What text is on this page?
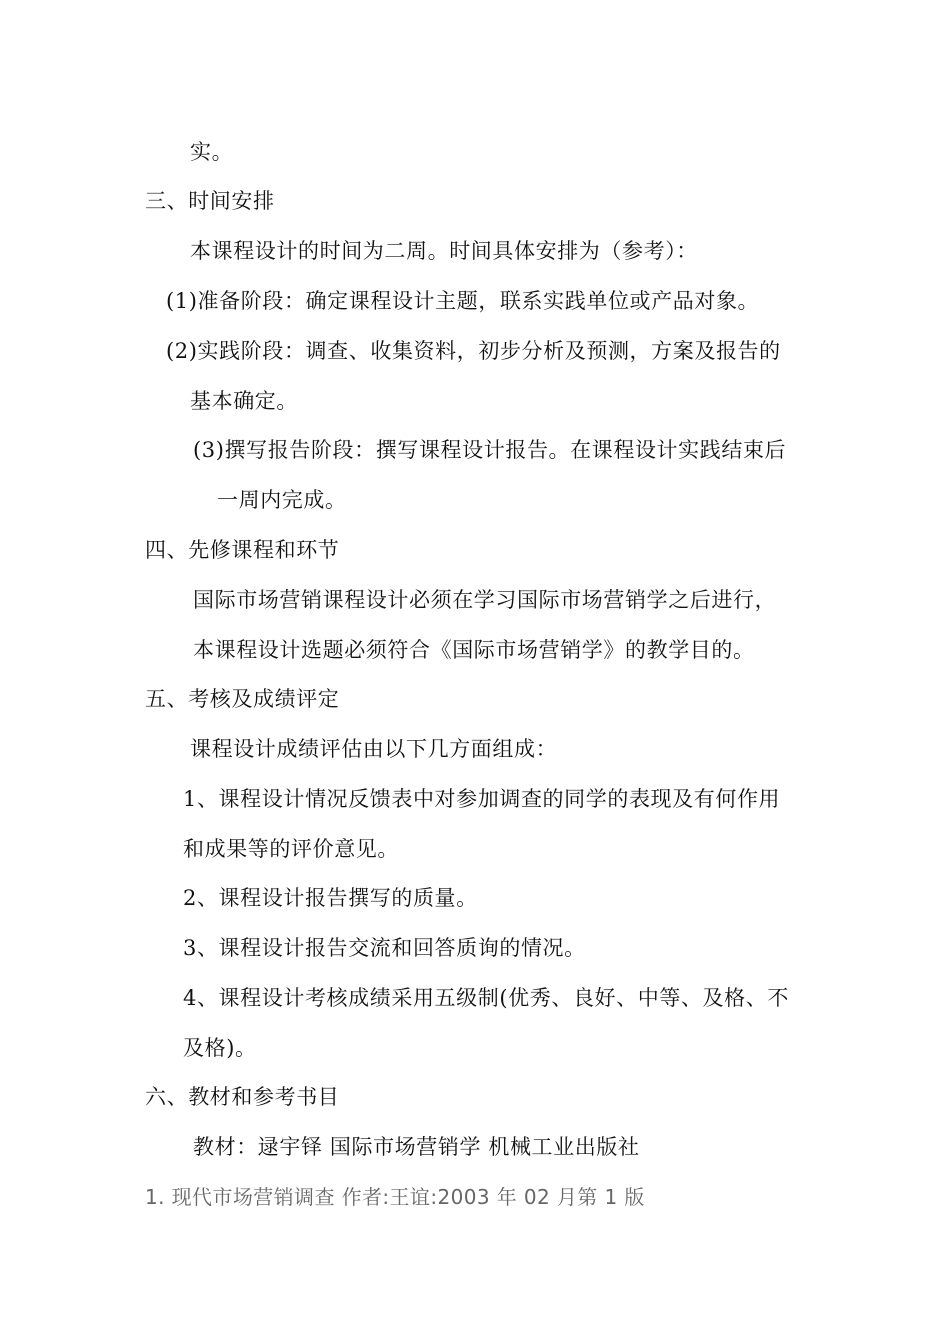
实。
三、时间安排
本课程设计的时间为二周。时间具体安排为（参考）：
(1)准备阶段：确定课程设计主题，联系实践单位或产品对象。
(2)实践阶段：调查、收集资料，初步分析及预测，方案及报告的
基本确定。
(3)撰写报告阶段：撰写课程设计报告。在课程设计实践结束后
一周内完成。
四、先修课程和环节
国际市场营销课程设计必须在学习国际市场营销学之后进行，
本课程设计选题必须符合《国际市场营销学》的教学目的。
五、考核及成绩评定
课程设计成绩评估由以下几方面组成：
1、课程设计情况反馈表中对参加调查的同学的表现及有何作用
和成果等的评价意见。
2、课程设计报告撰写的质量。
3、课程设计报告交流和回答质询的情况。
4、课程设计考核成绩采用五级制(优秀、良好、中等、及格、不
及格)。
六、教材和参考书目
教材：逯宇铎 国际市场营销学 机械工业出版社
1. 现代市场营销调查 作者:王谊:2003 年 02 月第 1 版
